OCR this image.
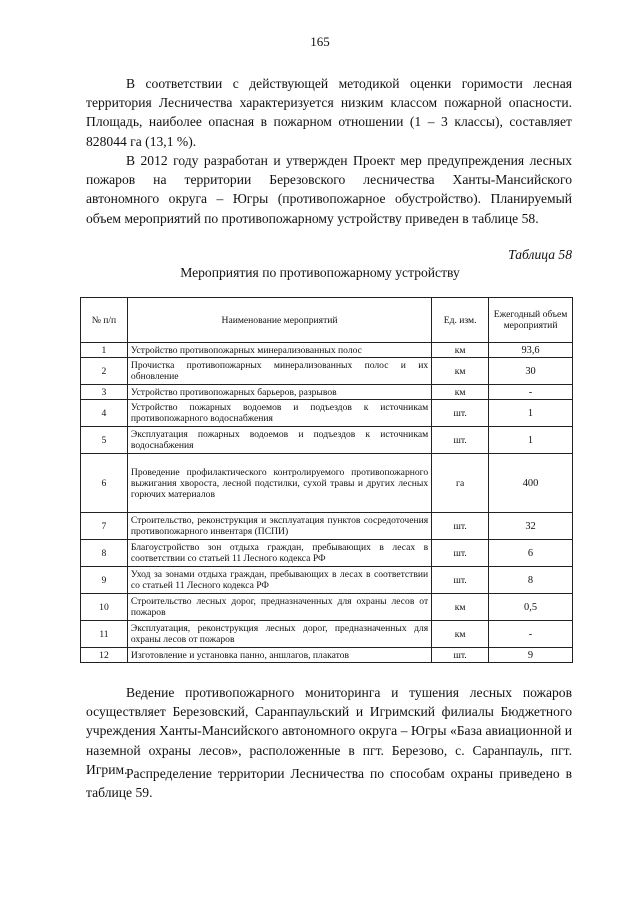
165

В соответствии с действующей методикой оценки горимости лесная территория Лесничества характеризуется низким классом пожарной опасности. Площадь, наиболее опасная в пожарном отношении (1 – 3 классы), составляет 828044 га (13,1 %).

В 2012 году разработан и утвержден Проект мер предупреждения лесных пожаров на территории Березовского лесничества Ханты-Мансийского автономного округа – Югры (противопожарное обустройство). Планируемый объем мероприятий по противопожарному устройству приведен в таблице 58.

Таблица 58
Мероприятия по противопожарному устройству
№ п/п	Наименование мероприятий	Ед. изм.	Ежегодный объем мероприятий
1	Устройство противопожарных минерализованных полос	км	93,6
2	Прочистка противопожарных минерализованных полос и их обновление	км	30
3	Устройство противопожарных барьеров, разрывов	км	-
4	Устройство пожарных водоемов и подъездов к источникам противопожарного водоснабжения	шт.	1
5	Эксплуатация пожарных водоемов и подъездов к источникам водоснабжения	шт.	1
6	Проведение профилактического контролируемого противопожарного выжигания хвороста, лесной подстилки, сухой травы и других лесных горючих материалов	га	400
7	Строительство, реконструкция и эксплуатация пунктов сосредоточения противопожарного инвентаря (ПСПИ)	шт.	32
8	Благоустройство зон отдыха граждан, пребывающих в лесах в соответствии со статьей 11 Лесного кодекса РФ	шт.	6
9	Уход за зонами отдыха граждан, пребывающих в лесах в соответствии со статьей 11 Лесного кодекса РФ	шт.	8
10	Строительство лесных дорог, предназначенных для охраны лесов от пожаров	км	0,5
11	Эксплуатация, реконструкция лесных дорог, предназначенных для охраны лесов от пожаров	км	-
12	Изготовление и установка панно, аншлагов, плакатов	шт.	9

Ведение противопожарного мониторинга и тушения лесных пожаров осуществляет Березовский, Саранпаульский и Игримский филиалы Бюджетного учреждения Ханты-Мансийского автономного округа – Югры «База авиационной и наземной охраны лесов», расположенные в пгт. Березово, с. Саранпауль, пгт. Игрим.

Распределение территории Лесничества по способам охраны приведено в таблице 59.
